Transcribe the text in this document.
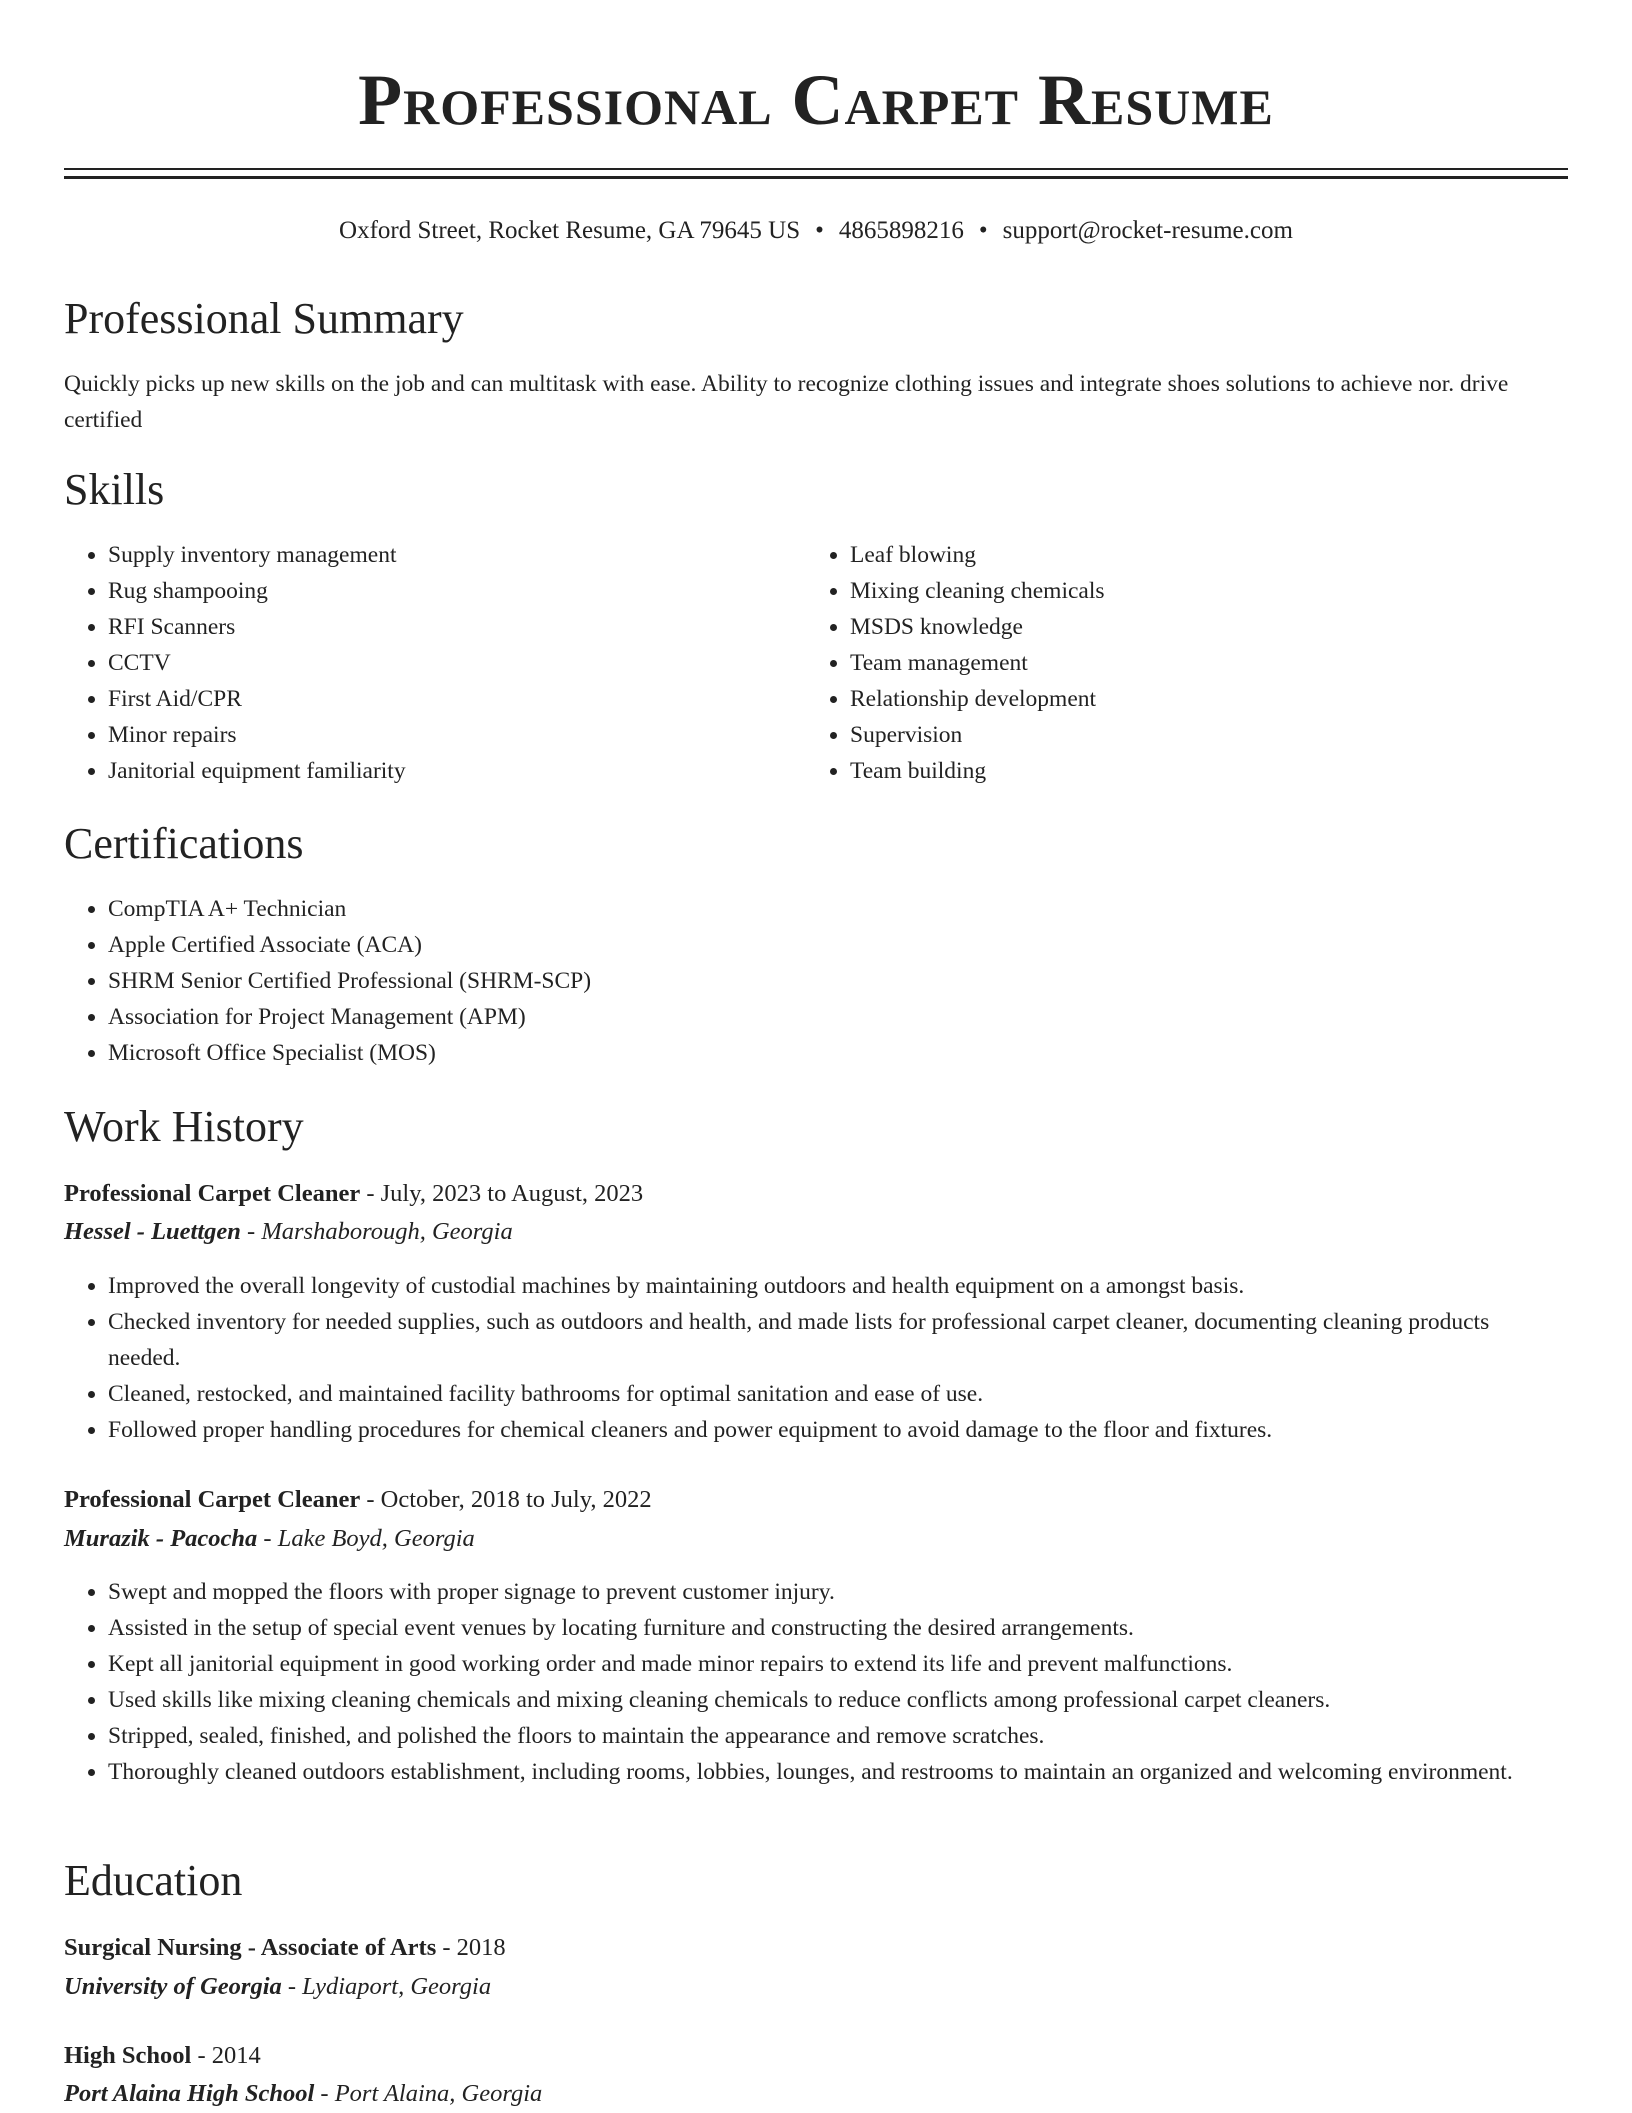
Professional Carpet Resume
Oxford Street, Rocket Resume, GA 79645 US • 4865898216 • support@rocket-resume.com
Professional Summary

Quickly picks up new skills on the job and can multitask with ease. Ability to recognize clothing issues and integrate shoes solutions to achieve nor. drive certified

Skills
• Supply inventory management
• Rug shampooing
• RFI Scanners
• CCTV
• First Aid/CPR
• Minor repairs
• Janitorial equipment familiarity
• Leaf blowing
• Mixing cleaning chemicals
• MSDS knowledge
• Team management
• Relationship development
• Supervision
• Team building
Certifications
• CompTIA A+ Technician
• Apple Certified Associate (ACA)
• SHRM Senior Certified Professional (SHRM-SCP)
• Association for Project Management (APM)
• Microsoft Office Specialist (MOS)
Work History
Professional Carpet Cleaner - July, 2023 to August, 2023
Hessel - Luettgen - Marshaborough, Georgia
• Improved the overall longevity of custodial machines by maintaining outdoors and health equipment on a amongst basis.
• Checked inventory for needed supplies, such as outdoors and health, and made lists for professional carpet cleaner, documenting cleaning products needed.
• Cleaned, restocked, and maintained facility bathrooms for optimal sanitation and ease of use.
• Followed proper handling procedures for chemical cleaners and power equipment to avoid damage to the floor and fixtures.
Professional Carpet Cleaner - October, 2018 to July, 2022
Murazik - Pacocha - Lake Boyd, Georgia
• Swept and mopped the floors with proper signage to prevent customer injury.
• Assisted in the setup of special event venues by locating furniture and constructing the desired arrangements.
• Kept all janitorial equipment in good working order and made minor repairs to extend its life and prevent malfunctions.
• Used skills like mixing cleaning chemicals and mixing cleaning chemicals to reduce conflicts among professional carpet cleaners.
• Stripped, sealed, finished, and polished the floors to maintain the appearance and remove scratches.
• Thoroughly cleaned outdoors establishment, including rooms, lobbies, lounges, and restrooms to maintain an organized and welcoming environment.
Education
Surgical Nursing - Associate of Arts - 2018
University of Georgia - Lydiaport, Georgia
High School - 2014
Port Alaina High School - Port Alaina, Georgia
